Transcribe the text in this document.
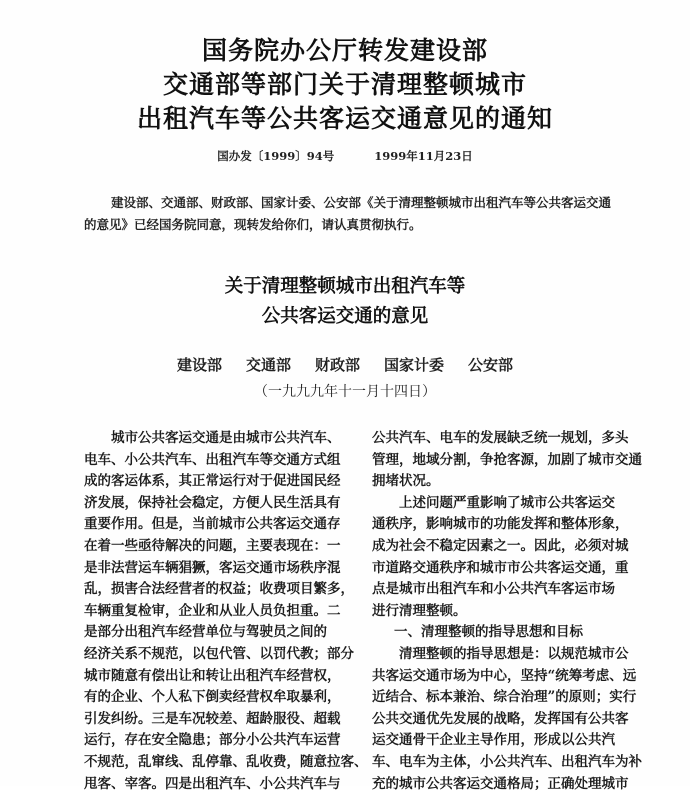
国务院办公厅转发建设部
交通部等部门关于清理整顿城市
出租汽车等公共客运交通意见的通知
国办发〔1999〕94号	1999年11月23日
建设部、交通部、财政部、国家计委、公安部《关于清理整顿城市出租汽车等公共客运交通
的意见》已经国务院同意，现转发给你们，请认真贯彻执行。
关于清理整顿城市出租汽车等
公共客运交通的意见
建设部 交通部 财政部 国家计委 公安部
（一九九九年十一月十四日）
城市公共客运交通是由城市公共汽车、
电车、小公共汽车、出租汽车等交通方式组
成的客运体系，其正常运行对于促进国民经
济发展，保持社会稳定，方便人民生活具有
重要作用。但是，当前城市公共客运交通存
在着一些亟待解决的问题，主要表现在：一
是非法营运车辆猖獗，客运交通市场秩序混
乱，损害合法经营者的权益；收费项目繁多，
车辆重复检审，企业和从业人员负担重。二
是部分出租汽车经营单位与驾驶员之间的
经济关系不规范，以包代管、以罚代教；部分
城市随意有偿出让和转让出租汽车经营权，
有的企业、个人私下倒卖经营权牟取暴利，
引发纠纷。三是车况较差、超龄服役、超载
运行，存在安全隐患；部分小公共汽车运营
不规范，乱窜线、乱停靠、乱收费，随意拉客、
甩客、宰客。四是出租汽车、小公共汽车与
公共汽车、电车的发展缺乏统一规划，多头
管理，地域分割，争抢客源，加剧了城市交通
拥堵状况。
上述问题严重影响了城市公共客运交
通秩序，影响城市的功能发挥和整体形象，
成为社会不稳定因素之一。因此，必须对城
市道路交通秩序和城市市公共客运交通，重
点是城市出租汽车和小公共汽车客运市场
进行清理整顿。
一、清理整顿的指导思想和目标
清理整顿的指导思想是：以规范城市公
共客运交通市场为中心，坚持“统筹考虑、远
近结合、标本兼治、综合治理”的原则；实行
公共交通优先发展的战略，发挥国有公共客
运交通骨干企业主导作用，形成以公共汽
车、电车为主体，小公共汽车、出租汽车为补
充的城市公共客运交通格局；正确处理城市
